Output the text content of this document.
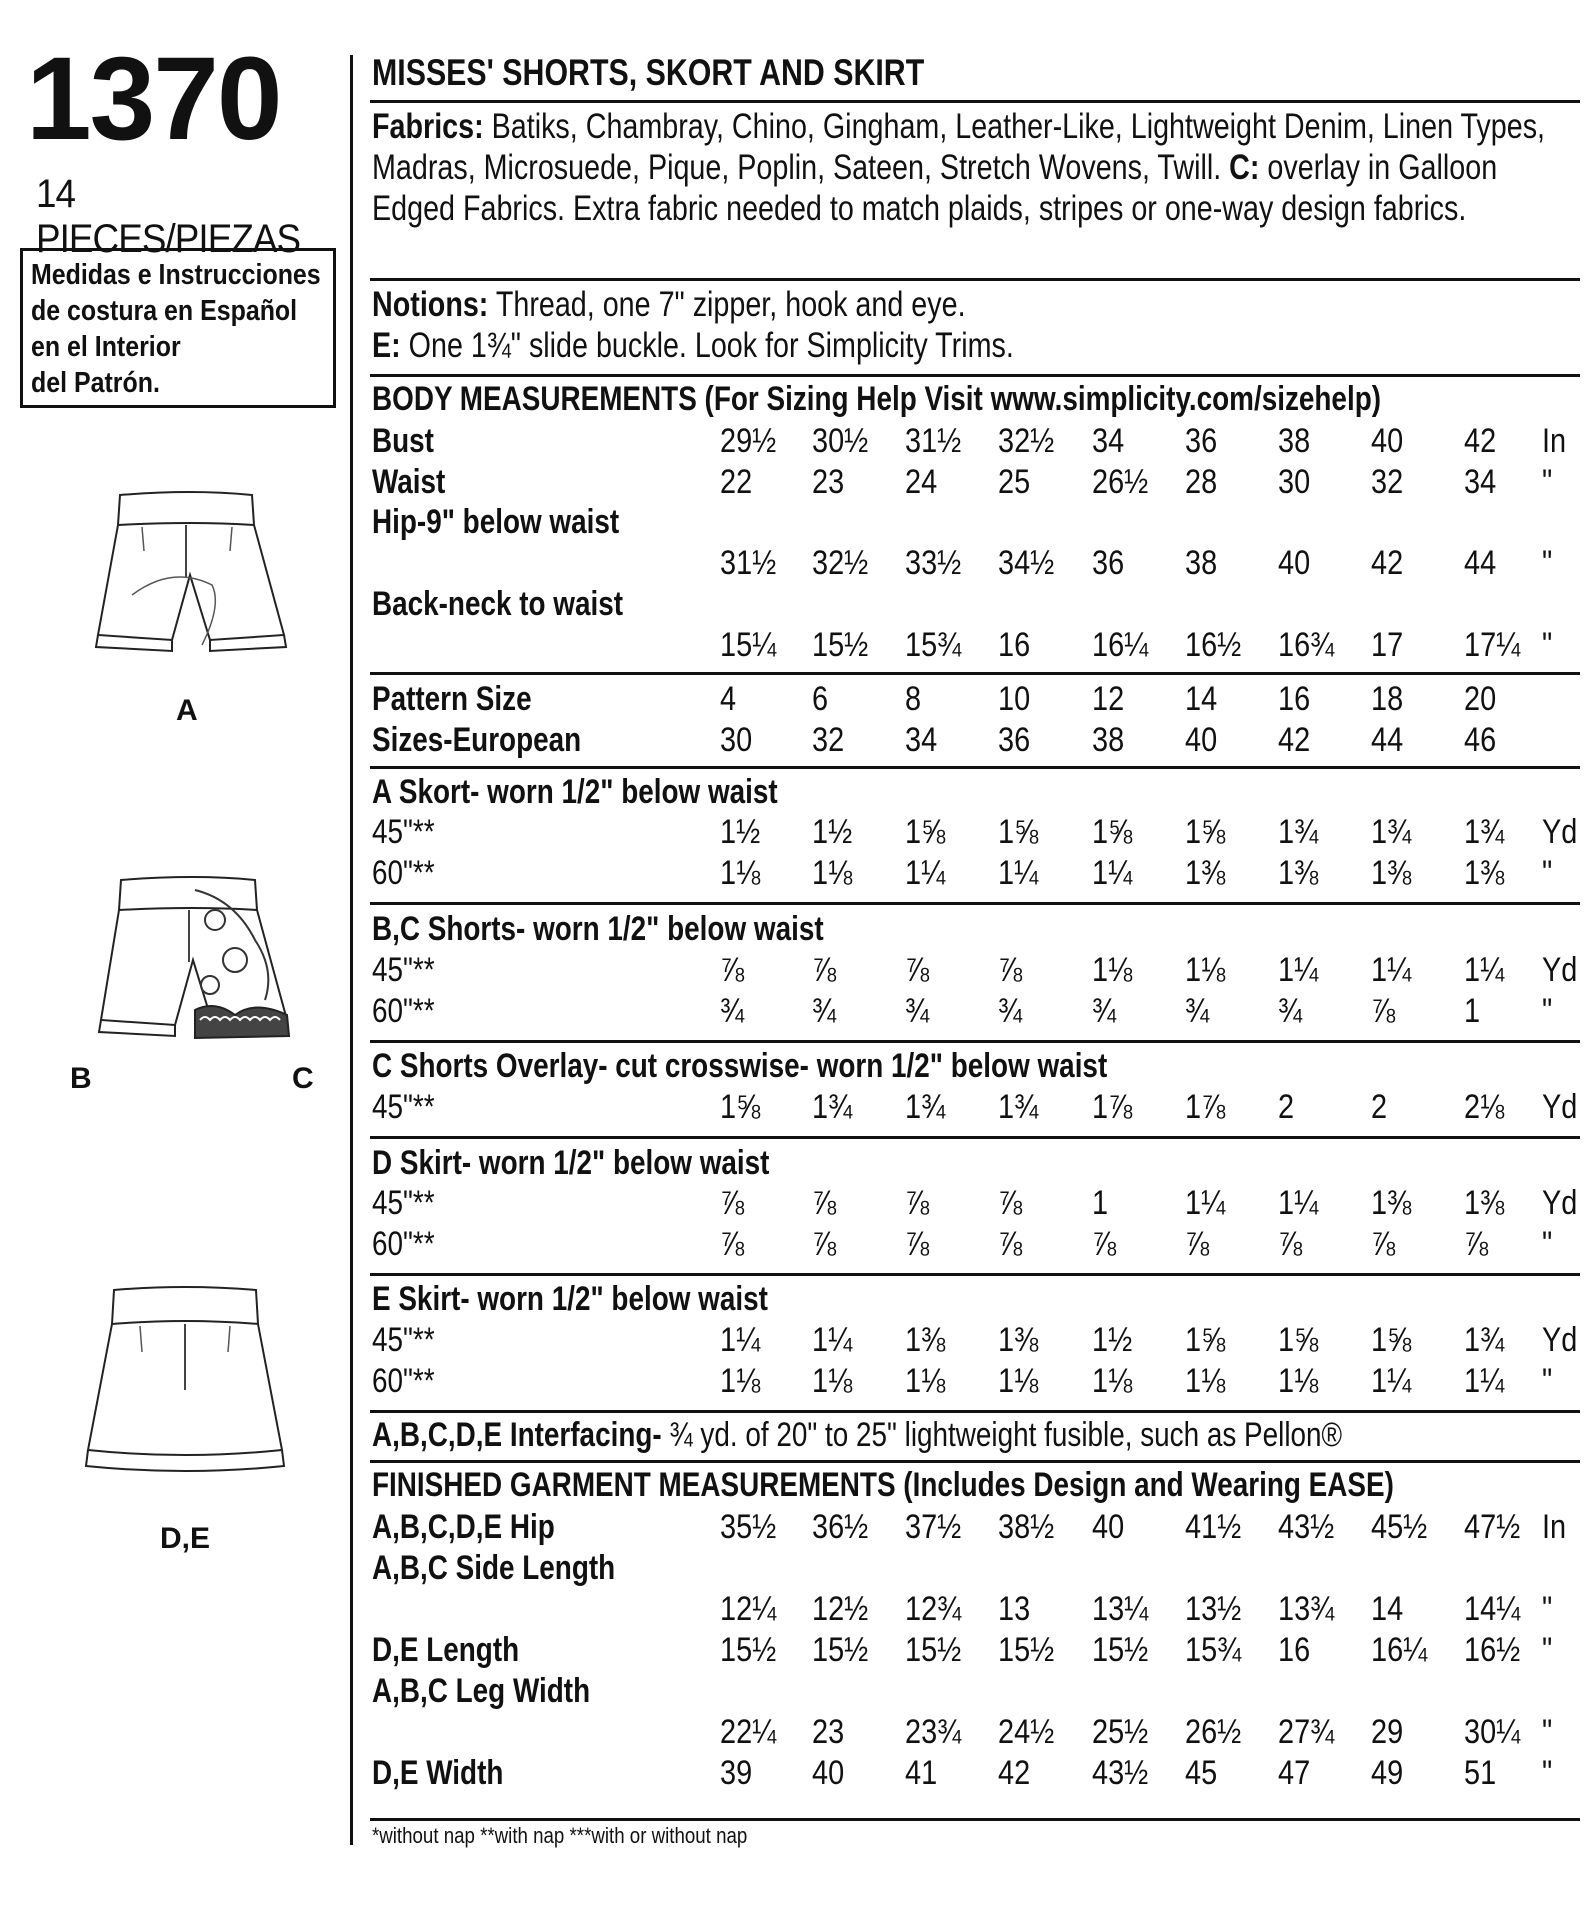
1370
14 PIECES/PIEZAS
Medidas e Instrucciones
de costura en Español
en el Interior
del Patrón.
A
B	C
D,E
MISSES' SHORTS, SKORT AND SKIRT
Fabrics: Batiks, Chambray, Chino, Gingham, Leather-Like, Lightweight Denim, Linen Types, Madras, Microsuede, Pique, Poplin, Sateen, Stretch Wovens, Twill. C: overlay in Galloon Edged Fabrics. Extra fabric needed to match plaids, stripes or one-way design fabrics.
Notions: Thread, one 7" zipper, hook and eye.
E: One 1¾" slide buckle. Look for Simplicity Trims.
BODY MEASUREMENTS (For Sizing Help Visit www.simplicity.com/sizehelp)
Bust	29½ 30½ 31½ 32½ 34 36 38 40 42 In
Waist	22 23 24 25 26½ 28 30 32 34 "
Hip-9" below waist
31½ 32½ 33½ 34½ 36 38 40 42 44 "
Back-neck to waist
15¼ 15½ 15¾ 16 16¼ 16½ 16¾ 17 17¼ "
Pattern Size	4 6 8 10 12 14 16 18 20
Sizes-European	30 32 34 36 38 40 42 44 46
A Skort- worn 1/2" below waist
45"**	1½ 1½ 1⅝ 1⅝ 1⅝ 1⅝ 1¾ 1¾ 1¾ Yd
60"**	1⅛ 1⅛ 1¼ 1¼ 1¼ 1⅜ 1⅜ 1⅜ 1⅜ "
B,C Shorts- worn 1/2" below waist
45"**	⅞ ⅞ ⅞ ⅞ 1⅛ 1⅛ 1¼ 1¼ 1¼ Yd
60"**	¾ ¾ ¾ ¾ ¾ ¾ ¾ ⅞ 1 "
C Shorts Overlay- cut crosswise- worn 1/2" below waist
45"**	1⅝ 1¾ 1¾ 1¾ 1⅞ 1⅞ 2 2 2⅛ Yd
D Skirt- worn 1/2" below waist
45"**	⅞ ⅞ ⅞ ⅞ 1 1¼ 1¼ 1⅜ 1⅜ Yd
60"**	⅞ ⅞ ⅞ ⅞ ⅞ ⅞ ⅞ ⅞ ⅞ "
E Skirt- worn 1/2" below waist
45"**	1¼ 1¼ 1⅜ 1⅜ 1½ 1⅝ 1⅝ 1⅝ 1¾ Yd
60"**	1⅛ 1⅛ 1⅛ 1⅛ 1⅛ 1⅛ 1⅛ 1¼ 1¼ "
A,B,C,D,E Interfacing- ¾ yd. of 20" to 25" lightweight fusible, such as Pellon®
FINISHED GARMENT MEASUREMENTS (Includes Design and Wearing EASE)
A,B,C,D,E Hip	35½ 36½ 37½ 38½ 40 41½ 43½ 45½ 47½ In
A,B,C Side Length
12¼ 12½ 12¾ 13 13¼ 13½ 13¾ 14 14¼ "
D,E Length	15½ 15½ 15½ 15½ 15½ 15¾ 16 16¼ 16½ "
A,B,C Leg Width
22¼ 23 23¾ 24½ 25½ 26½ 27¾ 29 30¼ "
D,E Width	39 40 41 42 43½ 45 47 49 51 "
*without nap **with nap ***with or without nap
